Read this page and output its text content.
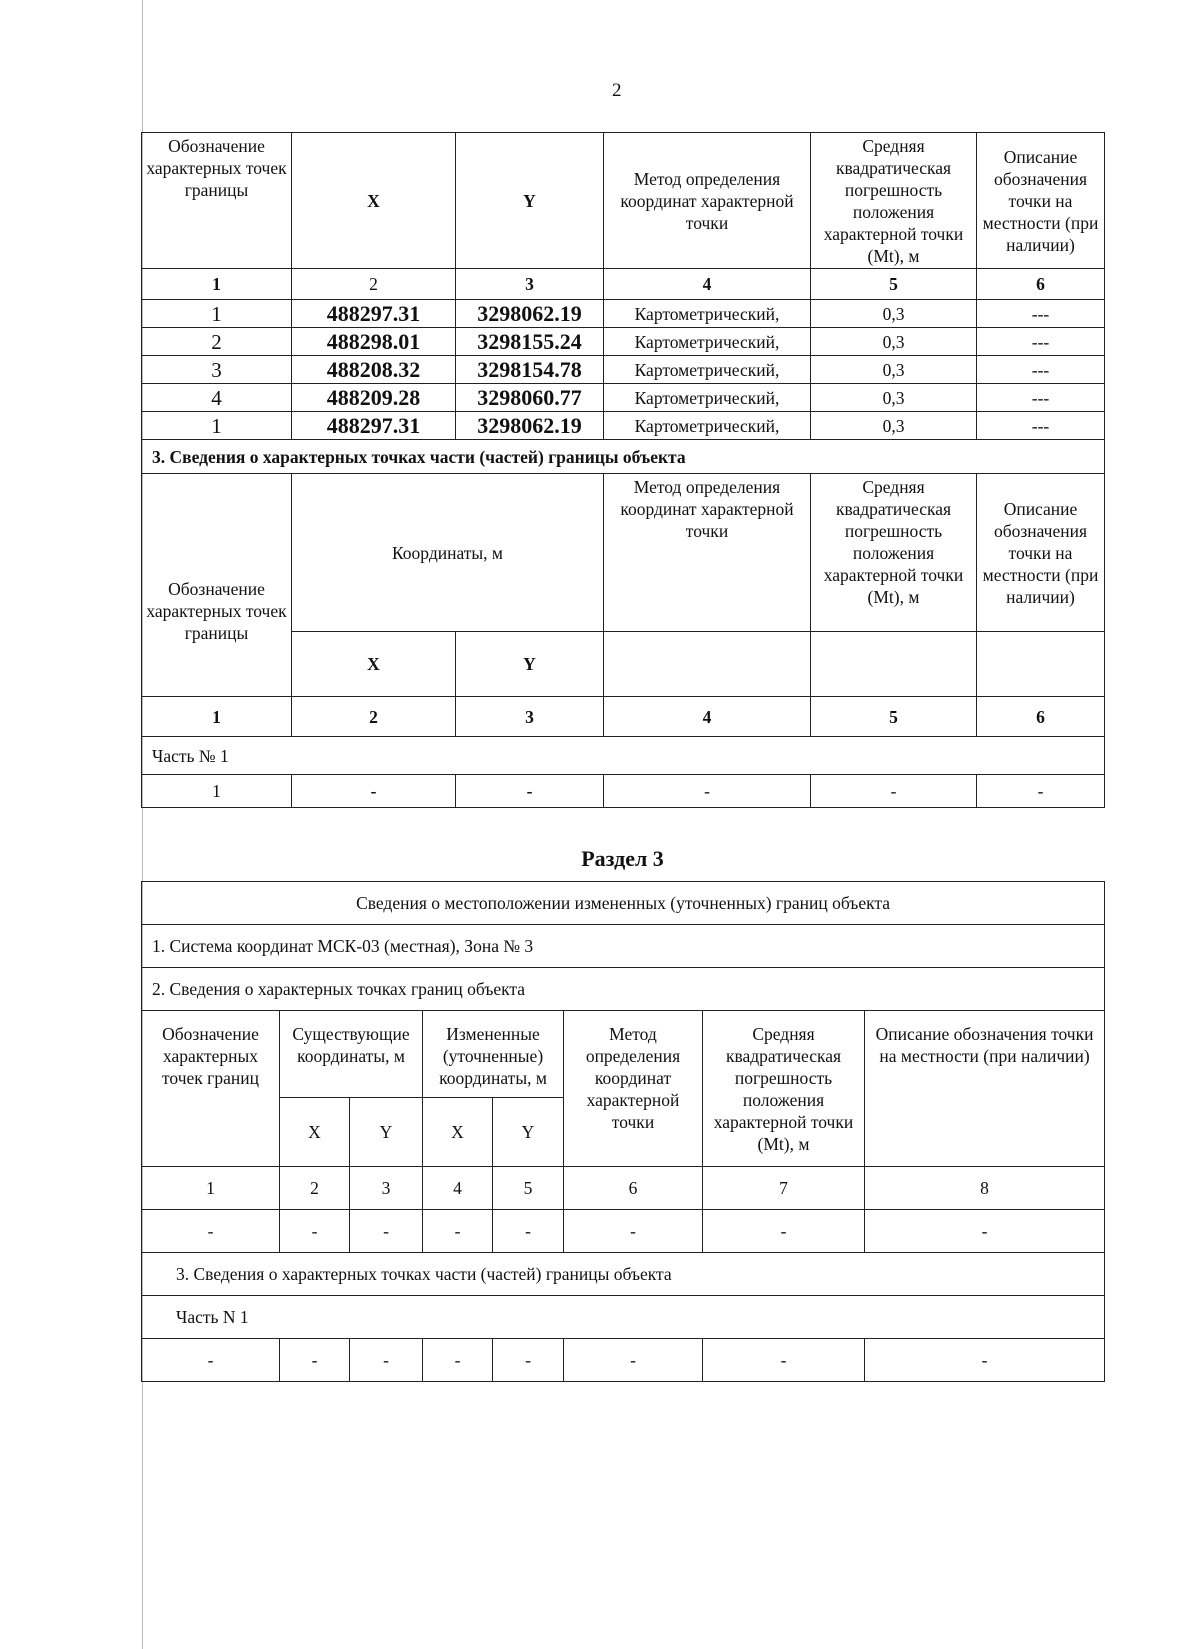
2
Обозначение характерных точек границы	X	Y	Метод определения координат характерной точки	Средняя квадратическая погрешность положения характерной точки (Mt), м	Описание обозначения точки на местности (при наличии)
1	2	3	4	5	6
1	488297.31	3298062.19	Картометрический,	0,3	---
2	488298.01	3298155.24	Картометрический,	0,3	---
3	488208.32	3298154.78	Картометрический,	0,3	---
4	488209.28	3298060.77	Картометрический,	0,3	---
1	488297.31	3298062.19	Картометрический,	0,3	---
3. Сведения о характерных точках части (частей) границы объекта					
Обозначение характерных точек границы	Координаты, м		Метод определения координат характерной точки	Средняя квадратическая погрешность положения характерной точки (Mt), м	Описание обозначения точки на местности (при наличии)
	X	Y			
1	2	3	4	5	6
Часть № 1					
1	-	-	-	-	-
Раздел 3
Сведения о местоположении измененных (уточненных) границ объекта							
1. Система координат МСК-03 (местная), Зона № 3							
2. Сведения о характерных точках границ объекта							
Обозначение характерных точек границ	Существующие координаты, м		Измененные (уточненные) координаты, м		Метод определения координат характерной точки	Средняя квадратическая погрешность положения характерной точки (Mt), м	Описание обозначения точки на местности (при наличии)
	X	Y	X	Y			
1	2	3	4	5	6	7	8
-	-	-	-	-	-	-	-
3. Сведения о характерных точках части (частей) границы объекта							
Часть N 1							
-	-	-	-	-	-	-	-
